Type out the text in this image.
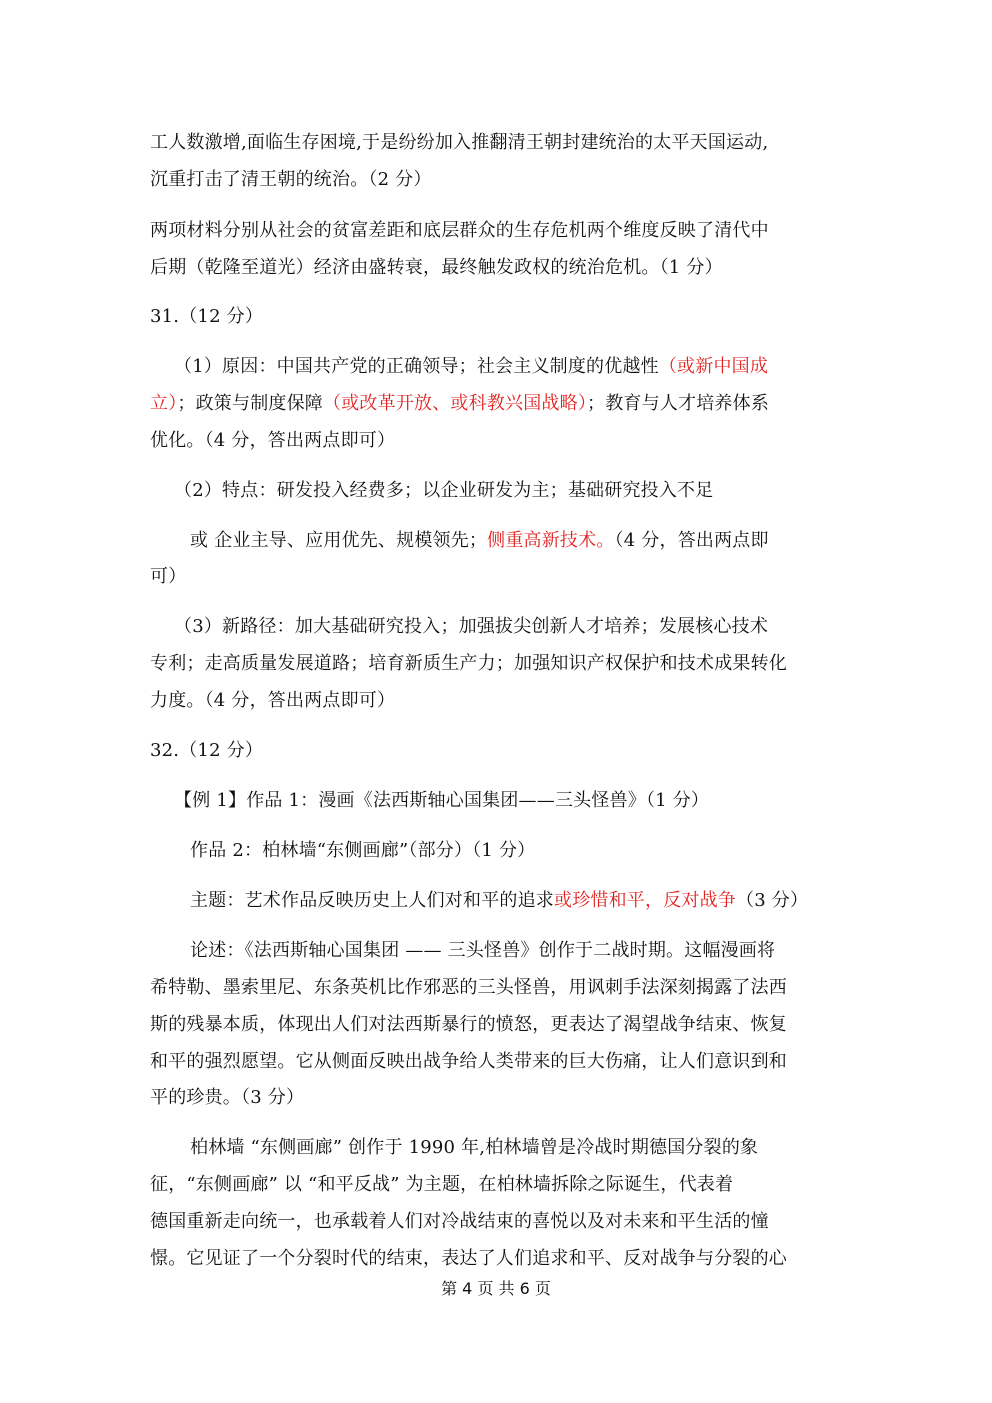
工人数激增,面临生存困境,于是纷纷加入推翻清王朝封建统治的太平天国运动,
沉重打击了清王朝的统治。（2 分）
两项材料分别从社会的贫富差距和底层群众的生存危机两个维度反映了清代中
后期（乾隆至道光）经济由盛转衰，最终触发政权的统治危机。（1 分）
31.（12 分）
（1）原因：中国共产党的正确领导；社会主义制度的优越性（或新中国成
立）；政策与制度保障（或改革开放、或科教兴国战略）；教育与人才培养体系
优化。（4 分，答出两点即可）
（2）特点：研发投入经费多；以企业研发为主；基础研究投入不足
或 企业主导、应用优先、规模领先；侧重高新技术。（4 分，答出两点即
可）
（3）新路径：加大基础研究投入；加强拔尖创新人才培养；发展核心技术
专利；走高质量发展道路；培育新质生产力；加强知识产权保护和技术成果转化
力度。（4 分，答出两点即可）
32.（12 分）
【例 1】作品 1：漫画《法西斯轴心国集团——三头怪兽》（1 分）
作品 2：柏林墙“东侧画廊”（部分）（1 分）
主题：艺术作品反映历史上人们对和平的追求或珍惜和平，反对战争（3 分）
论述：《法西斯轴心国集团 —— 三头怪兽》创作于二战时期。这幅漫画将
希特勒、墨索里尼、东条英机比作邪恶的三头怪兽，用讽刺手法深刻揭露了法西
斯的残暴本质，体现出人们对法西斯暴行的愤怒，更表达了渴望战争结束、恢复
和平的强烈愿望。它从侧面反映出战争给人类带来的巨大伤痛，让人们意识到和
平的珍贵。（3 分）
柏林墙 “东侧画廊” 创作于 1990 年,柏林墙曾是冷战时期德国分裂的象
征，“东侧画廊” 以 “和平反战” 为主题，在柏林墙拆除之际诞生，代表着
德国重新走向统一，也承载着人们对冷战结束的喜悦以及对未来和平生活的憧
憬。它见证了一个分裂时代的结束，表达了人们追求和平、反对战争与分裂的心
第 4 页 共 6 页
